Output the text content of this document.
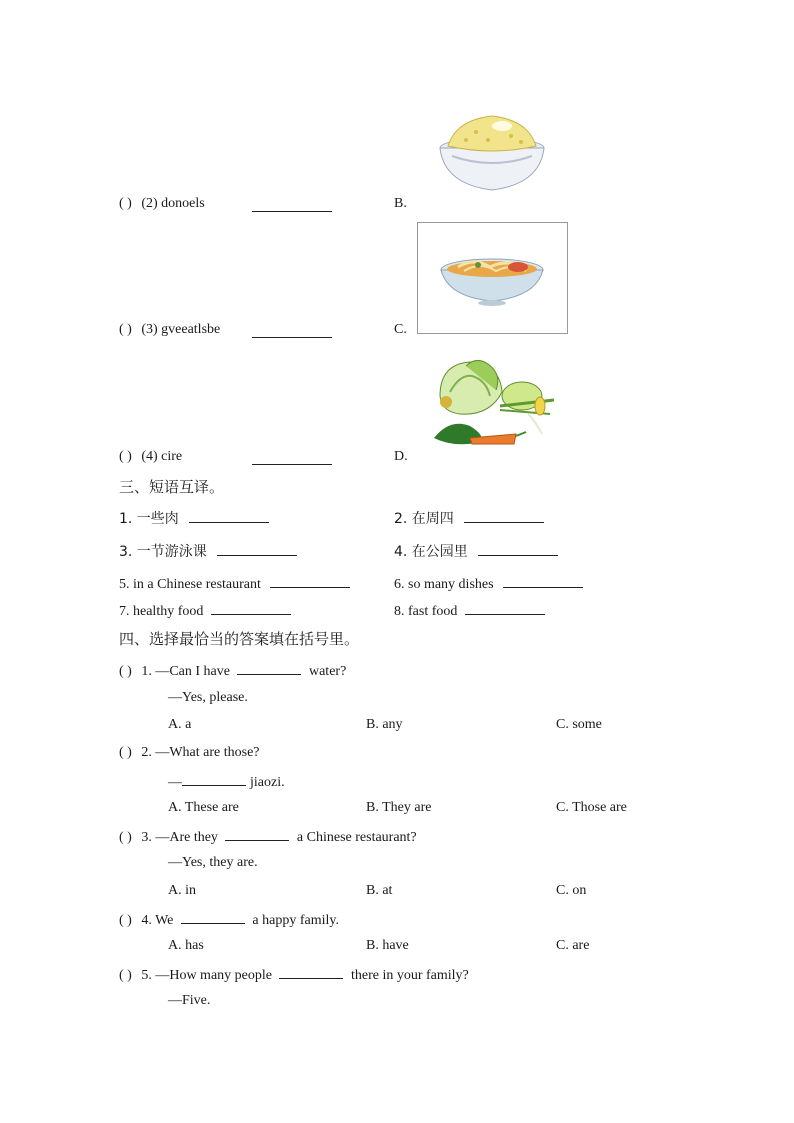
( ) (2) donoels	B.
( ) (3) gveeatlsbe	C.
( ) (4) cire	D.
三、短语互译。
1. 一些肉	2. 在周四
3. 一节游泳课	4. 在公园里
5. in a Chinese restaurant	6. so many dishes
7. healthy food	8. fast food
四、选择最恰当的答案填在括号里。
( ) 1. —Can I have	water?
—Yes, please.
A. a	B. any	C. some
( ) 2. —What are those?
—	jiaozi.
A. These are	B. They are	C. Those are
( ) 3. —Are they	a Chinese restaurant?
—Yes, they are.
A. in	B. at	C. on
( ) 4. We	a happy family.
A. has	B. have	C. are
( ) 5. —How many people	there in your family?
—Five.
